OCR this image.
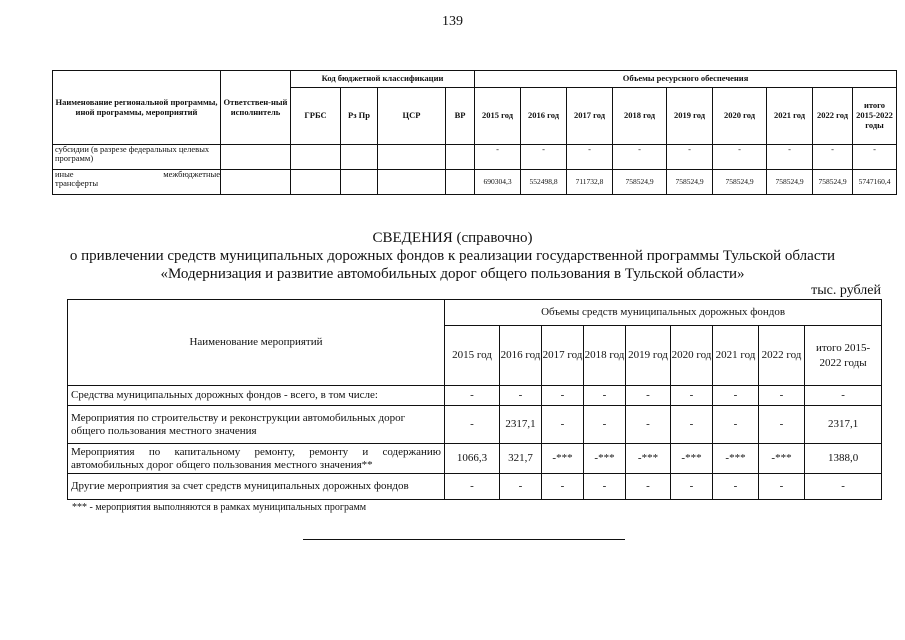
139
Наименование региональной программы, иной программы, мероприятий	Ответствен-ный исполнитель	Код бюджетной классификации				Объемы ресурсного обеспечения								
		ГРБС	Рз Пр	ЦСР	ВР	2015 год	2016 год	2017 год	2018 год	2019 год	2020 год	2021 год	2022 год	итого 2015-2022 годы
субсидии (в разрезе федеральных целевых программ)						-	-	-	-	-	-	-	-	-

иные межбюджетные
трансферты						690304,3	552498,8	711732,8	758524,9	758524,9	758524,9	758524,9	758524,9	5747160,4
СВЕДЕНИЯ (справочно)
о привлечении средств муниципальных дорожных фондов к реализации государственной программы Тульской области
«Модернизация и развитие автомобильных дорог общего пользования в Тульской области»
тыс. рублей
Наименование мероприятий	Объемы средств муниципальных дорожных фондов								
	2015 год	2016 год	2017 год	2018 год	2019 год	2020 год	2021 год	2022 год	итого 2015-2022 годы
Средства муниципальных дорожных фондов - всего, в том числе:	-	-	-	-	-	-	-	-	-
Мероприятия по строительству и реконструкции автомобильных дорог общего пользования местного значения	-	2317,1	-	-	-	-	-	-	2317,1
Мероприятия по капитальному ремонту, ремонту и содержанию автомобильных дорог общего пользования местного значения**	1066,3	321,7	-***	-***	-***	-***	-***	-***	1388,0
Другие мероприятия за счет средств муниципальных дорожных фондов	-	-	-	-	-	-	-	-	-
*** - мероприятия выполняются в рамках муниципальных программ
